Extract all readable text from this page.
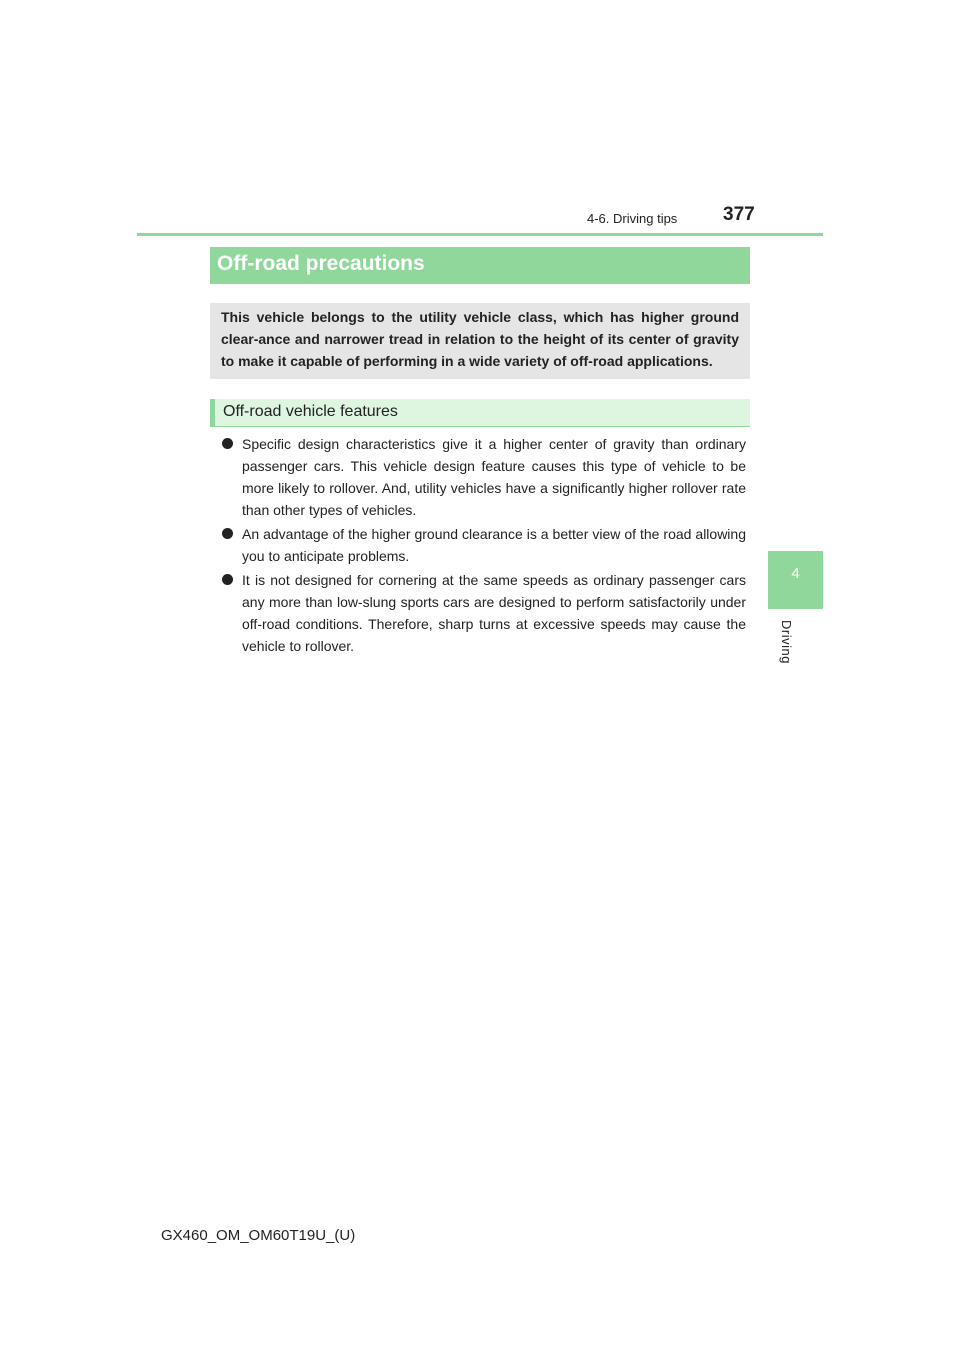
4-6. Driving tips 377
4
Driving
Off-road precautions

This vehicle belongs to the utility vehicle class, which has higher ground clear-ance and narrower tread in relation to the height of its center of gravity to make it capable of performing in a wide variety of off-road applications.

Off-road vehicle features
Specific design characteristics give it a higher center of gravity than ordinary passenger cars. This vehicle design feature causes this type of vehicle to be more likely to rollover. And, utility vehicles have a significantly higher rollover rate than other types of vehicles.
An advantage of the higher ground clearance is a better view of the road allowing you to anticipate problems.
It is not designed for cornering at the same speeds as ordinary passenger cars any more than low-slung sports cars are designed to perform satisfactorily under off-road conditions. Therefore, sharp turns at excessive speeds may cause the vehicle to rollover.
GX460_OM_OM60T19U_(U)
